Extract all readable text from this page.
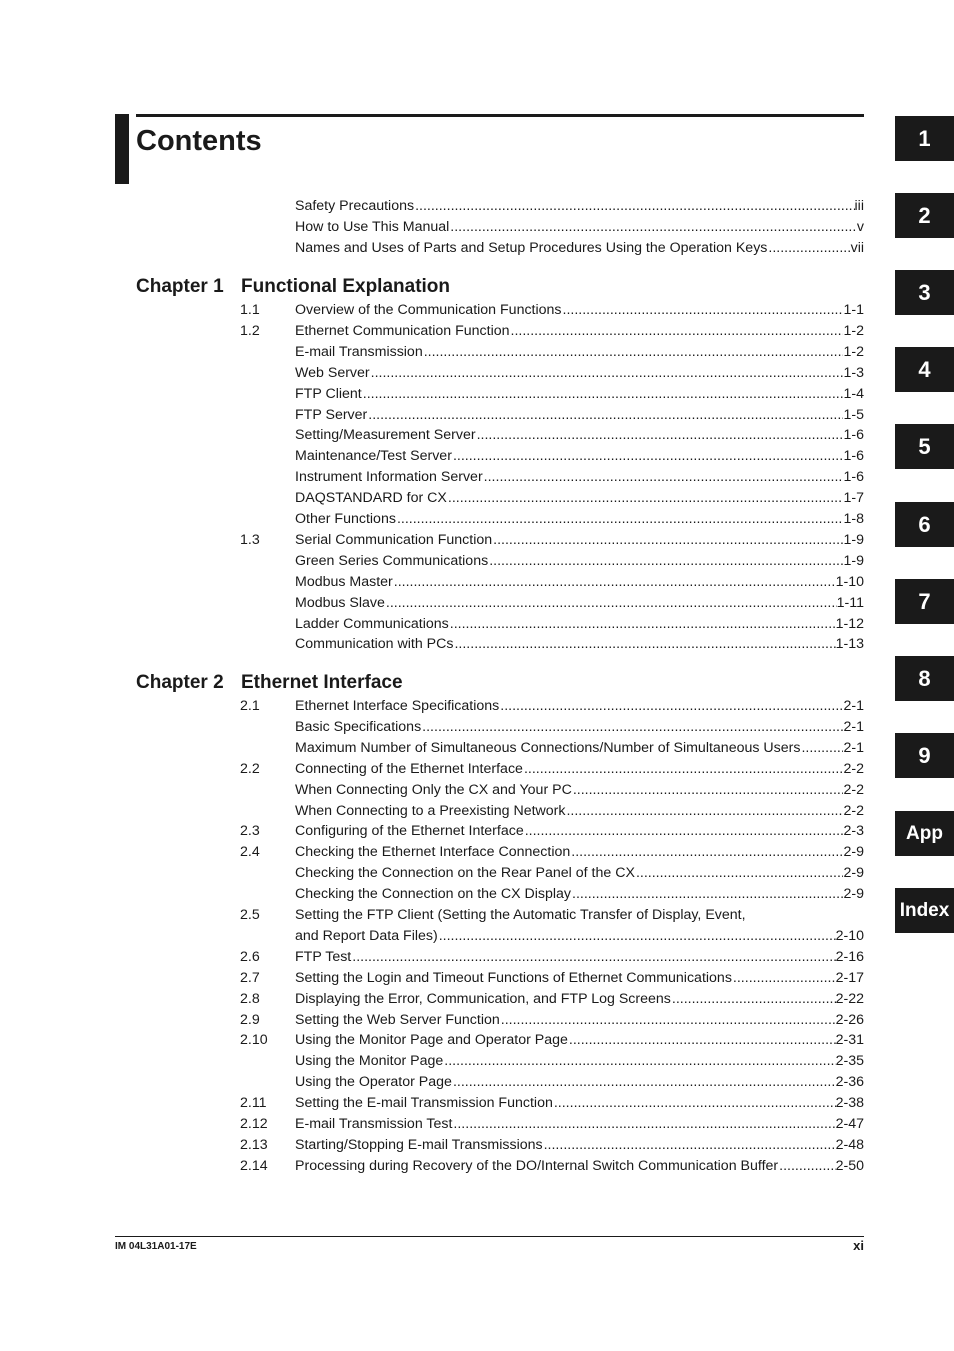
Contents
Safety Precautions .....	iii
How to Use This Manual .....	v
Names and Uses of Parts and Setup Procedures Using the Operation Keys .....	vii
Chapter 1 Functional Explanation
1.1 Overview of the Communication Functions .....	1-1
1.2 Ethernet Communication Function .....	1-2
E-mail Transmission .....	1-2
Web Server .....	1-3
FTP Client .....	1-4
FTP Server .....	1-5
Setting/Measurement Server .....	1-6
Maintenance/Test Server .....	1-6
Instrument Information Server .....	1-6
DAQSTANDARD for CX .....	1-7
Other Functions .....	1-8
1.3 Serial Communication Function .....	1-9
Green Series Communications .....	1-9
Modbus Master .....	1-10
Modbus Slave .....	1-11
Ladder Communications .....	1-12
Communication with PCs .....	1-13
Chapter 2 Ethernet Interface
2.1 Ethernet Interface Specifications .....	2-1
Basic Specifications .....	2-1
Maximum Number of Simultaneous Connections/Number of Simultaneous Users .....	2-1
2.2 Connecting of the Ethernet Interface .....	2-2
When Connecting Only the CX and Your PC .....	2-2
When Connecting to a Preexisting Network .....	2-2
2.3 Configuring of the Ethernet Interface .....	2-3
2.4 Checking the Ethernet Interface Connection .....	2-9
Checking the Connection on the Rear Panel of the CX .....	2-9
Checking the Connection on the CX Display .....	2-9
2.5 Setting the FTP Client (Setting the Automatic Transfer of Display, Event,
and Report Data Files) .....	2-10
2.6 FTP Test .....	2-16
2.7 Setting the Login and Timeout Functions of Ethernet Communications .....	2-17
2.8 Displaying the Error, Communication, and FTP Log Screens .....	2-22
2.9 Setting the Web Server Function .....	2-26
2.10 Using the Monitor Page and Operator Page .....	2-31
Using the Monitor Page .....	2-35
Using the Operator Page .....	2-36
2.11 Setting the E-mail Transmission Function .....	2-38
2.12 E-mail Transmission Test .....	2-47
2.13 Starting/Stopping E-mail Transmissions .....	2-48
2.14 Processing during Recovery of the DO/Internal Switch Communication Buffer .....	2-50
1
2
3
4
5
6
7
8
9
App
Index
IM 04L31A01-17E	xi
